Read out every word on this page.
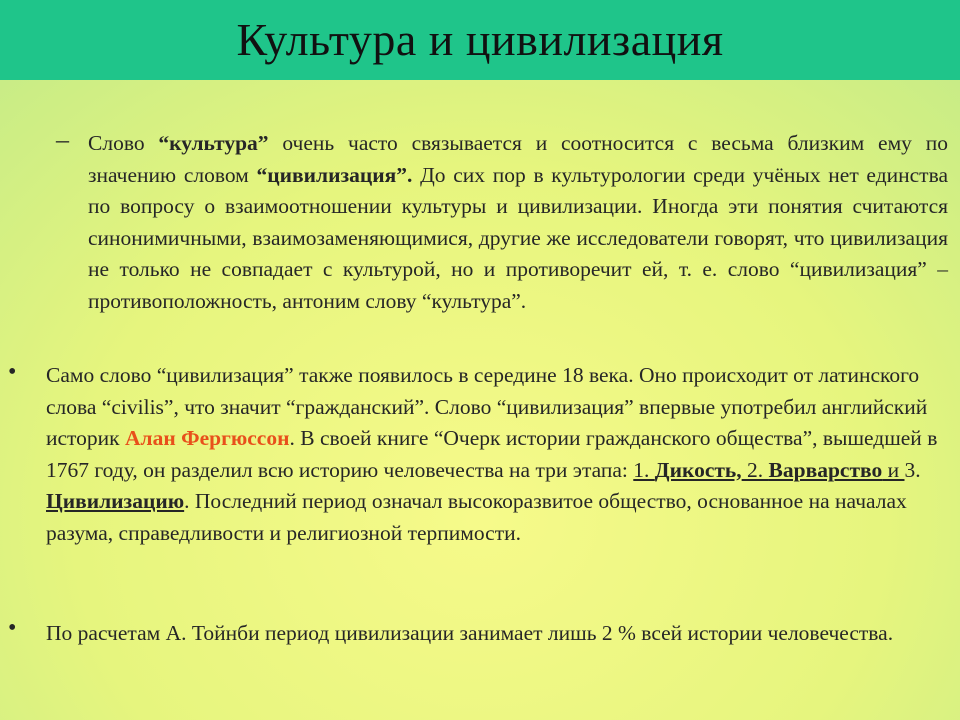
Культура и цивилизация
– Слово “культура” очень часто связывается и соотносится с весьма близким ему по значению словом “цивилизация”. До сих пор в культурологии среди учёных нет единства по вопросу о взаимоотношении культуры и цивилизации. Иногда эти понятия считаются синонимичными, взаимозаменяющимися, другие же исследователи говорят, что цивилизация не только не совпадает с культурой, но и противоречит ей, т. е. слово “цивилизация” – противоположность, антоним слову “культура”.
• Само слово “цивилизация” также появилось в середине 18 века. Оно происходит от латинского слова “civilis”, что значит “гражданский”. Слово “цивилизация” впервые употребил английский историк Алан Фергюссон. В своей книге “Очерк истории гражданского общества”, вышедшей в 1767 году, он разделил всю историю человечества на три этапа: 1. Дикость, 2. Варварство и 3. Цивилизацию. Последний период означал высокоразвитое общество, основанное на началах разума, справедливости и религиозной терпимости.
• По расчетам А. Тойнби период цивилизации занимает лишь 2 % всей истории человечества.
